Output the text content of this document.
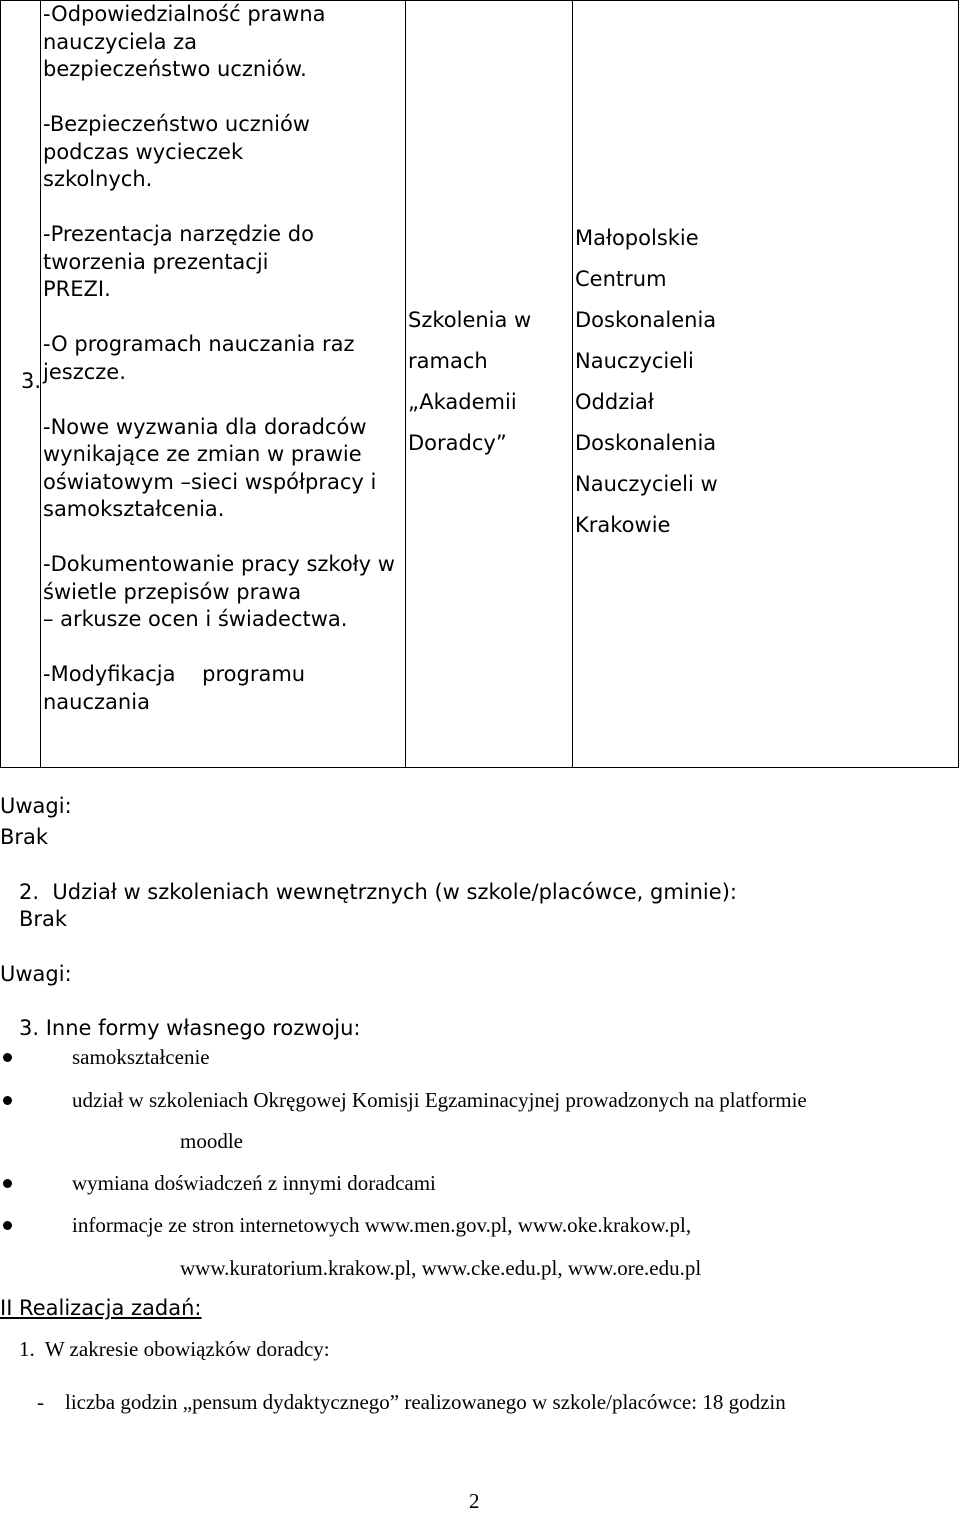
3.
-Odpowiedzialność prawna
nauczyciela za
bezpieczeństwo uczniów.
-Bezpieczeństwo uczniów
podczas wycieczek
szkolnych.
-Prezentacja narzędzie do
tworzenia prezentacji
PREZI.
-O programach nauczania raz
jeszcze.
-Nowe wyzwania dla doradców
wynikające ze zmian w prawie
oświatowym –sieci współpracy i
samokształcenia.
-Dokumentowanie pracy szkoły w
świetle przepisów prawa
– arkusze ocen i świadectwa.
-Modyfikacja    programu
nauczania
Szkolenia w
ramach
„Akademii
Doradcy”
Małopolskie
Centrum
Doskonalenia
Nauczycieli
Oddział
Doskonalenia
Nauczycieli w
Krakowie
Uwagi:
Brak
2.  Udział w szkoleniach wewnętrznych (w szkole/placówce, gminie):
Brak
Uwagi:
3. Inne formy własnego rozwoju:
samokształcenie
udział w szkoleniach Okręgowej Komisji Egzaminacyjnej prowadzonych na platformie
moodle
wymiana doświadczeń z innymi doradcami
informacje ze stron internetowych www.men.gov.pl, www.oke.krakow.pl,
www.kuratorium.krakow.pl, www.cke.edu.pl, www.ore.edu.pl
II Realizacja zadań:
1.  W zakresie obowiązków doradcy:
-    liczba godzin „pensum dydaktycznego” realizowanego w szkole/placówce: 18 godzin
2
